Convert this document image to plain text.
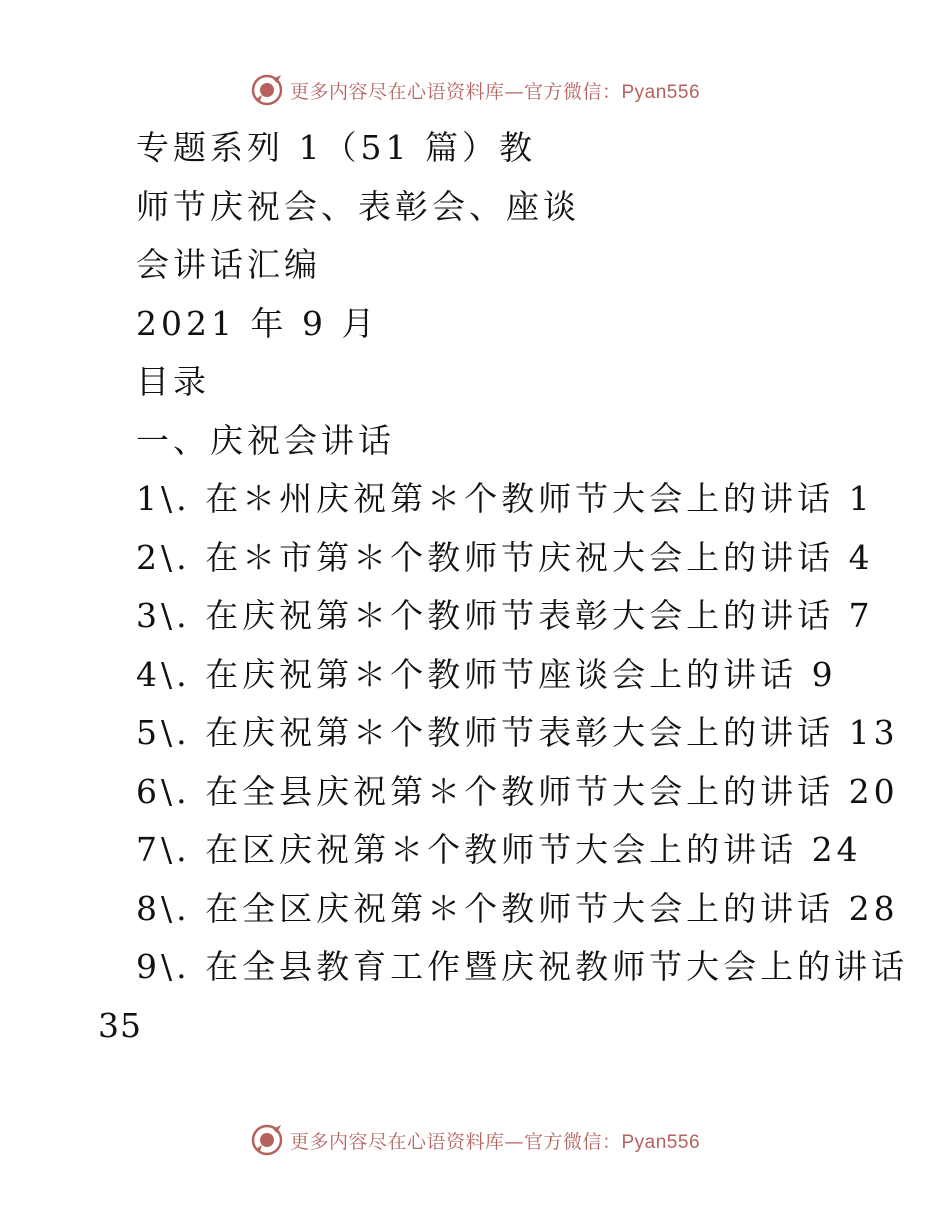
更多内容尽在心语资料库—官方微信：Pyan556
专题系列 1（51 篇）教
师节庆祝会、表彰会、座谈
会讲话汇编
2021 年 9 月
目录
一、庆祝会讲话
1\. 在＊州庆祝第＊个教师节大会上的讲话 1
2\. 在＊市第＊个教师节庆祝大会上的讲话 4
3\. 在庆祝第＊个教师节表彰大会上的讲话 7
4\. 在庆祝第＊个教师节座谈会上的讲话 9
5\. 在庆祝第＊个教师节表彰大会上的讲话 13
6\. 在全县庆祝第＊个教师节大会上的讲话 20
7\. 在区庆祝第＊个教师节大会上的讲话 24
8\. 在全区庆祝第＊个教师节大会上的讲话 28
9\. 在全县教育工作暨庆祝教师节大会上的讲话
35
更多内容尽在心语资料库—官方微信：Pyan556
